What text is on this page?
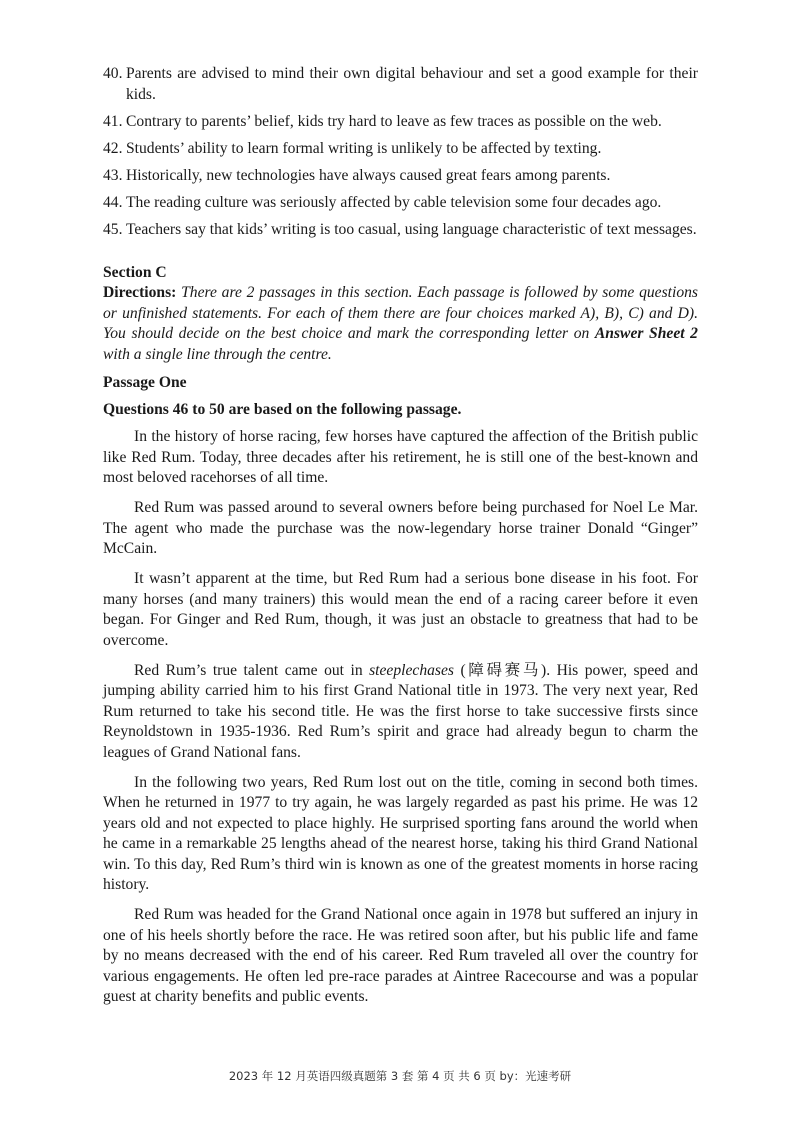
40. Parents are advised to mind their own digital behaviour and set a good example for their kids.
41. Contrary to parents’ belief, kids try hard to leave as few traces as possible on the web.
42. Students’ ability to learn formal writing is unlikely to be affected by texting.
43. Historically, new technologies have always caused great fears among parents.
44. The reading culture was seriously affected by cable television some four decades ago.
45. Teachers say that kids’ writing is too casual, using language characteristic of text messages.
Section C

Directions: There are 2 passages in this section. Each passage is followed by some questions or unfinished statements. For each of them there are four choices marked A), B), C) and D). You should decide on the best choice and mark the corresponding letter on Answer Sheet 2 with a single line through the centre.

Passage One
Questions 46 to 50 are based on the following passage.

In the history of horse racing, few horses have captured the affection of the British public like Red Rum. Today, three decades after his retirement, he is still one of the best-known and most beloved racehorses of all time.

Red Rum was passed around to several owners before being purchased for Noel Le Mar. The agent who made the purchase was the now-legendary horse trainer Donald “Ginger” McCain.

It wasn’t apparent at the time, but Red Rum had a serious bone disease in his foot. For many horses (and many trainers) this would mean the end of a racing career before it even began. For Ginger and Red Rum, though, it was just an obstacle to greatness that had to be overcome.

Red Rum’s true talent came out in steeplechases (障碍赛马). His power, speed and jumping ability carried him to his first Grand National title in 1973. The very next year, Red Rum returned to take his second title. He was the first horse to take successive firsts since Reynoldstown in 1935-1936. Red Rum’s spirit and grace had already begun to charm the leagues of Grand National fans.

In the following two years, Red Rum lost out on the title, coming in second both times. When he returned in 1977 to try again, he was largely regarded as past his prime. He was 12 years old and not expected to place highly. He surprised sporting fans around the world when he came in a remarkable 25 lengths ahead of the nearest horse, taking his third Grand National win. To this day, Red Rum’s third win is known as one of the greatest moments in horse racing history.

Red Rum was headed for the Grand National once again in 1978 but suffered an injury in one of his heels shortly before the race. He was retired soon after, but his public life and fame by no means decreased with the end of his career. Red Rum traveled all over the country for various engagements. He often led pre-race parades at Aintree Racecourse and was a popular guest at charity benefits and public events.

2023 年 12 月英语四级真题第 3 套 第 4 页 共 6 页 by：光速考研
